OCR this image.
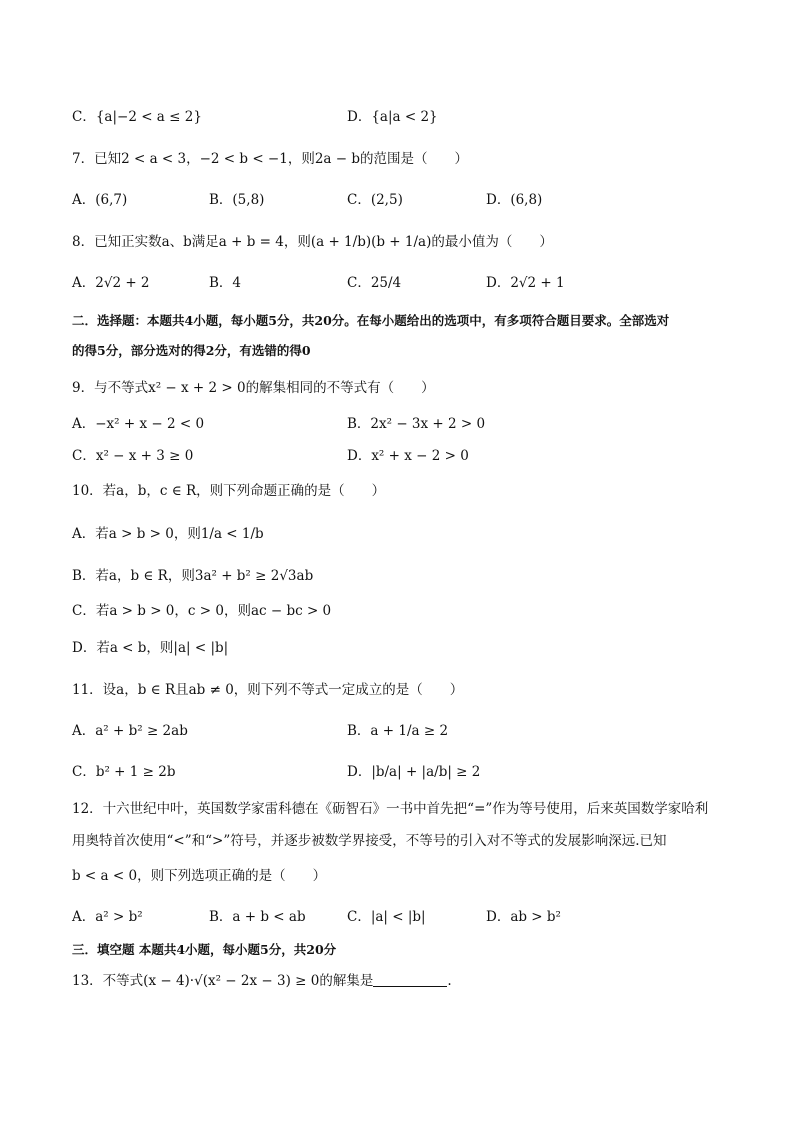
C．{a|−2 < a ≤ 2}	D．{a|a < 2}
7．已知2 < a < 3，−2 < b < −1，则2a − b的范围是（　　）
A．(6,7)	B．(5,8)	C．(2,5)	D．(6,8)
8．已知正实数a、b满足a + b = 4，则(a + 1/b)(b + 1/a)的最小值为（　　）
A．2√2 + 2	B．4	C．25/4	D．2√2 + 1
二．选择题：本题共4小题，每小题5分，共20分。在每小题给出的选项中，有多项符合题目要求。全部选对
的得5分，部分选对的得2分，有选错的得0
9．与不等式x² − x + 2 > 0的解集相同的不等式有（　　）
A．−x² + x − 2 < 0	B．2x² − 3x + 2 > 0
C．x² − x + 3 ≥ 0	D．x² + x − 2 > 0
10．若a，b，c ∈ R，则下列命题正确的是（　　）
A．若a > b > 0，则1/a < 1/b
B．若a，b ∈ R，则3a² + b² ≥ 2√3ab
C．若a > b > 0，c > 0，则ac − bc > 0
D．若a < b，则|a| < |b|
11．设a，b ∈ R且ab ≠ 0，则下列不等式一定成立的是（　　）
A．a² + b² ≥ 2ab	B．a + 1/a ≥ 2
C．b² + 1 ≥ 2b	D．|b/a| + |a/b| ≥ 2
12．十六世纪中叶，英国数学家雷科德在《砺智石》一书中首先把“=”作为等号使用，后来英国数学家哈利
用奥特首次使用“<”和“>”符号，并逐步被数学界接受，不等号的引入对不等式的发展影响深远.已知
b < a < 0，则下列选项正确的是（　　）
A．a² > b²	B．a + b < ab	C．|a| < |b|	D．ab > b²
三．填空题 本题共4小题，每小题5分，共20分
13．不等式(x − 4)·√(x² − 2x − 3) ≥ 0的解集是	.
